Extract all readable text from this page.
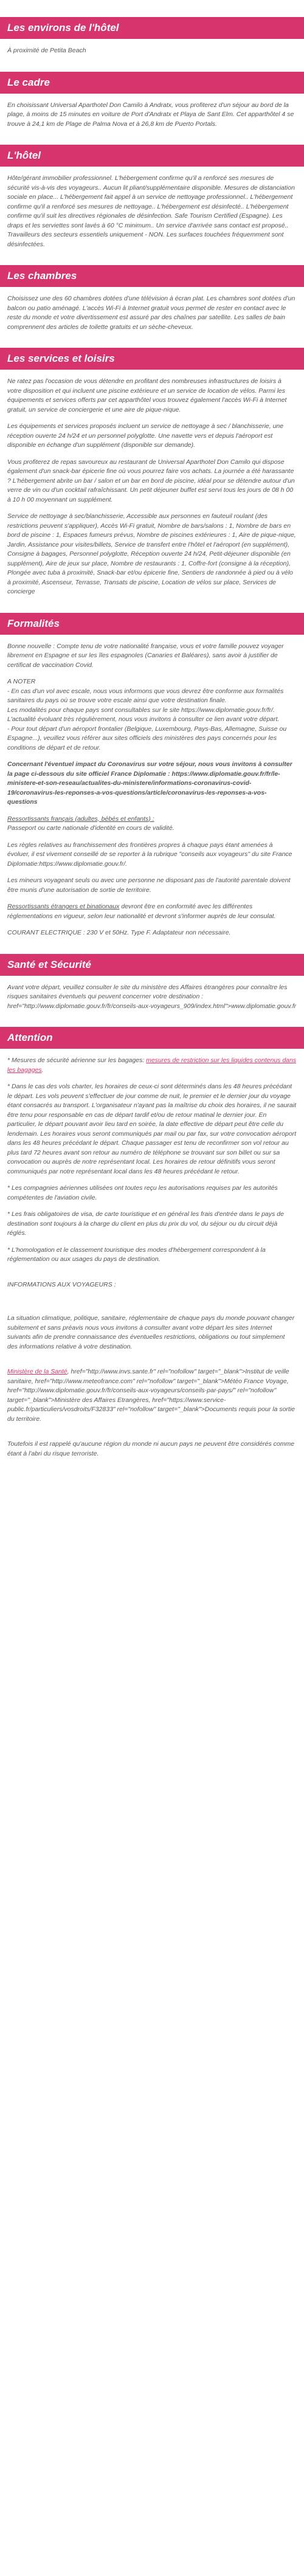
Les environs de l'hôtel

À proximité de Petita Beach

Le cadre

En choisissant Universal Aparthotel Don Camilo à Andratx, vous profiterez d'un séjour au bord de la plage, à moins de 15 minutes en voiture de Port d'Andratx et Playa de Sant Elm. Cet apparthôtel 4 se trouve à 24,1 km de Plage de Palma Nova et à 26,8 km de Puerto Portals.

L'hôtel

Hôte/gérant immobilier professionnel. L'hébergement confirme qu'il a renforcé ses mesures de sécurité vis-à-vis des voyageurs.. Aucun lit pliant/supplémentaire disponible. Mesures de distanciation sociale en place... L'hébergement fait appel à un service de nettoyage professionnel.. L'hébergement confirme qu'il a renforcé ses mesures de nettoyage.. L'hébergement est désinfecté.. L'hébergement confirme qu'il suit les directives régionales de désinfection. Safe Tourism Certified (Espagne). Les draps et les serviettes sont lavés à 60 °C minimum.. Un service d'arrivée sans contact est proposé.. Travailleurs des secteurs essentiels uniquement - NON. Les surfaces touchées fréquemment sont désinfectées.

Les chambres

Choisissez une des 60 chambres dotées d'une télévision à écran plat. Les chambres sont dotées d'un balcon ou patio aménagé. L'accès Wi-Fi à Internet gratuit vous permet de rester en contact avec le reste du monde et votre divertissement est assuré par des chaînes par satellite. Les salles de bain comprennent des articles de toilette gratuits et un sèche-cheveux.

Les services et loisirs

Ne ratez pas l'occasion de vous détendre en profitant des nombreuses infrastructures de loisirs à votre disposition et qui incluent une piscine extérieure et un service de location de vélos. Parmi les équipements et services offerts par cet apparthôtel vous trouvez également l'accès Wi-Fi à Internet gratuit, un service de conciergerie et une aire de pique-nique.

Les équipements et services proposés incluent un service de nettoyage à sec / blanchisserie, une réception ouverte 24 h/24 et un personnel polyglotte. Une navette vers et depuis l'aéroport est disponible en échange d'un supplément (disponible sur demande).

Vous profiterez de repas savoureux au restaurant de Universal Aparthotel Don Camilo qui dispose également d'un snack-bar épicerie fine où vous pourrez faire vos achats. La journée a été harassante ? L'hébergement abrite un bar / salon et un bar en bord de piscine, idéal pour se détendre autour d'un verre de vin ou d'un cocktail rafraîchissant. Un petit déjeuner buffet est servi tous les jours de 08 h 00 à 10 h 00 moyennant un supplément.

Service de nettoyage à sec/blanchisserie, Accessible aux personnes en fauteuil roulant (des restrictions peuvent s'appliquer), Accès Wi-Fi gratuit, Nombre de bars/salons : 1, Nombre de bars en bord de piscine : 1, Espaces fumeurs prévus, Nombre de piscines extérieures : 1, Aire de pique-nique, Jardin, Assistance pour visites/billets, Service de transfert entre l'hôtel et l'aéroport (en supplément), Consigne à bagages, Personnel polyglotte, Réception ouverte 24 h/24, Petit-déjeuner disponible (en supplément), Aire de jeux sur place, Nombre de restaurants : 1, Coffre-fort (consigne à la réception), Plongée avec tuba à proximité, Snack-bar et/ou épicerie fine, Sentiers de randonnée à pied ou à vélo à proximité, Ascenseur, Terrasse, Transats de piscine, Location de vélos sur place, Services de concierge

Formalités

Bonne nouvelle : Compte tenu de votre nationalité française, vous et votre famille pouvez voyager librement en Espagne et sur les îles espagnoles (Canaries et Baléares), sans avoir à justifier de certificat de vaccination Covid.

A NOTER

- En cas d'un vol avec escale, nous vous informons que vous devrez être conforme aux formalités sanitaires du pays où se trouve votre escale ainsi que votre destination finale.

Les modalités pour chaque pays sont consultables sur le site https://www.diplomatie.gouv.fr/fr/. L'actualité évoluant très régulièrement, nous vous invitons à consulter ce lien avant votre départ.

- Pour tout départ d'un aéroport frontalier (Belgique, Luxembourg, Pays-Bas, Allemagne, Suisse ou Espagne...), veuillez vous référer aux sites officiels des ministères des pays concernés pour les conditions de départ et de retour.

Concernant l'éventuel impact du Coronavirus sur votre séjour, nous vous invitons à consulter la page ci-dessous du site officiel France Diplomatie : https://www.diplomatie.gouv.fr/fr/le-ministere-et-son-reseau/actualites-du-ministere/informations-coronavirus-covid-19/coronavirus-les-reponses-a-vos-questions/article/coronavirus-les-reponses-a-vos-questions

Ressortissants français (adultes, bébés et enfants) :
Passeport ou carte nationale d'identité en cours de validité.

Les règles relatives au franchissement des frontières propres à chaque pays étant amenées à évoluer, il est vivement conseillé de se reporter à la rubrique "conseils aux voyageurs" du site France Diplomatie:https://www.diplomatie.gouv.fr/.

Les mineurs voyageant seuls ou avec une personne ne disposant pas de l'autorité parentale doivent être munis d'une autorisation de sortie de territoire.

Ressortissants étrangers et binationaux devront être en conformité avec les différentes réglementations en vigueur, selon leur nationalité et devront s'informer auprès de leur consulat.

COURANT ELECTRIQUE : 230 V et 50Hz. Type F. Adaptateur non nécessaire.

Santé et Sécurité

Avant votre départ, veuillez consulter le site du ministère des Affaires étrangères pour connaître les risques sanitaires éventuels qui peuvent concerner votre destination : href="http://www.diplomatie.gouv.fr/fr/conseils-aux-voyageurs_909/index.html">www.diplomatie.gouv.fr

Attention

* Mesures de sécurité aérienne sur les bagages: mesures de restriction sur les liquides contenus dans les bagages.

* Dans le cas des vols charter, les horaires de ceux-ci sont déterminés dans les 48 heures précédant le départ. Les vols peuvent s'effectuer de jour comme de nuit, le premier et le dernier jour du voyage étant consacrés au transport. L'organisateur n'ayant pas la maîtrise du choix des horaires, il ne saurait être tenu pour responsable en cas de départ tardif et/ou de retour matinal le dernier jour. En particulier, le départ pouvant avoir lieu tard en soirée, la date effective de départ peut être celle du lendemain. Les horaires vous seront communiqués par mail ou par fax, sur votre convocation aéroport dans les 48 heures précédant le départ. Chaque passager est tenu de reconfirmer son vol retour au plus tard 72 heures avant son retour au numéro de téléphone se trouvant sur son billet ou sur sa convocation ou auprès de notre représentant local. Les horaires de retour définitifs vous seront communiqués par notre représentant local dans les 48 heures précédant le retour.

* Les compagnies aériennes utilisées ont toutes reçu les autorisations requises par les autorités compétentes de l'aviation civile.

* Les frais obligatoires de visa, de carte touristique et en général les frais d'entrée dans le pays de destination sont toujours à la charge du client en plus du prix du vol, du séjour ou du circuit déjà réglés.

* L'homologation et le classement touristique des modes d'hébergement correspondent à la réglementation ou aux usages du pays de destination.

INFORMATIONS AUX VOYAGEURS :

La situation climatique, politique, sanitaire, réglementaire de chaque pays du monde pouvant changer subitement et sans préavis nous vous invitons à consulter avant votre départ les sites Internet suivants afin de prendre connaissance des éventuelles restrictions, obligations ou tout simplement des informations relative à votre destination.

Ministère de la Santé, href="http://www.invs.sante.fr" rel="nofollow" target="_blank">Institut de veille sanitaire, href="http://www.meteofrance.com" rel="nofollow" target="_blank">Météo France Voyage, href="http://www.diplomatie.gouv.fr/fr/conseils-aux-voyageurs/conseils-par-pays/" rel="nofollow" target="_blank">Ministère des Affaires Etrangères, href="https://www.service-public.fr/particuliers/vosdroits/F32833" rel="nofollow" target="_blank">Documents requis pour la sortie du territoire.

Toutefois il est rappelé qu'aucune région du monde ni aucun pays ne peuvent être considérés comme étant à l'abri du risque terroriste.
